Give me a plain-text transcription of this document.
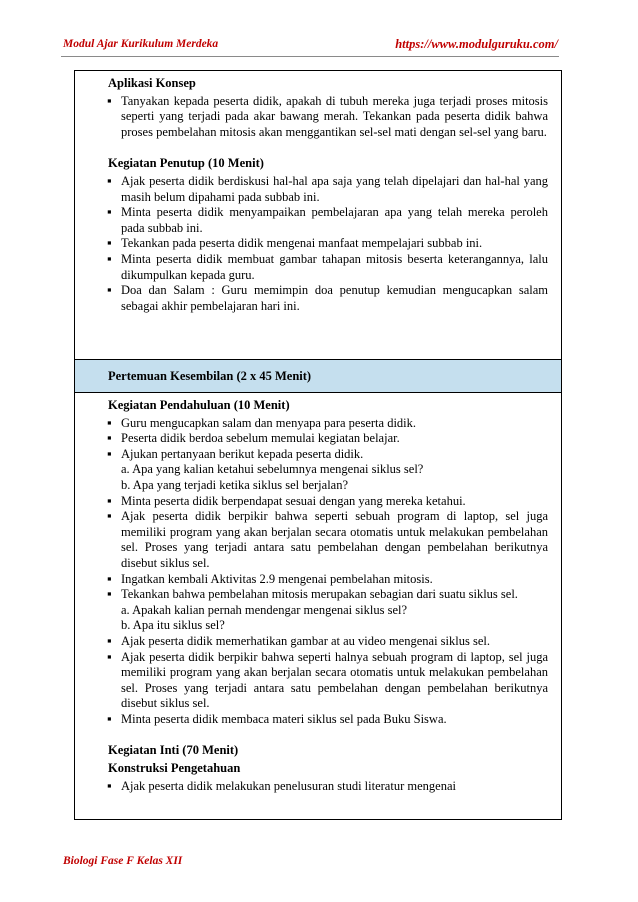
Modul Ajar Kurikulum Merdeka	https://www.modulguruku.com/
Aplikasi Konsep
▪ Tanyakan kepada peserta didik, apakah di tubuh mereka juga terjadi proses mitosis seperti yang terjadi pada akar bawang merah. Tekankan pada peserta didik bahwa proses pembelahan mitosis akan menggantikan sel-sel mati dengan sel-sel yang baru.
Kegiatan Penutup (10 Menit)
▪ Ajak peserta didik berdiskusi hal-hal apa saja yang telah dipelajari dan hal-hal yang masih belum dipahami pada subbab ini.
▪ Minta peserta didik menyampaikan pembelajaran apa yang telah mereka peroleh pada subbab ini.
▪ Tekankan pada peserta didik mengenai manfaat mempelajari subbab ini.
▪ Minta peserta didik membuat gambar tahapan mitosis beserta keterangannya, lalu dikumpulkan kepada guru.
▪ Doa dan Salam : Guru memimpin doa penutup kemudian mengucapkan salam sebagai akhir pembelajaran hari ini.
Pertemuan Kesembilan (2 x 45 Menit)
Kegiatan Pendahuluan (10 Menit)
▪ Guru mengucapkan salam dan menyapa para peserta didik.
▪ Peserta didik berdoa sebelum memulai kegiatan belajar.
▪ Ajukan pertanyaan berikut kepada peserta didik.
a. Apa yang kalian ketahui sebelumnya mengenai siklus sel?
b. Apa yang terjadi ketika siklus sel berjalan?
▪ Minta peserta didik berpendapat sesuai dengan yang mereka ketahui.
▪ Ajak peserta didik berpikir bahwa seperti sebuah program di laptop, sel juga memiliki program yang akan berjalan secara otomatis untuk melakukan pembelahan sel. Proses yang terjadi antara satu pembelahan dengan pembelahan berikutnya disebut siklus sel.
▪ Ingatkan kembali Aktivitas 2.9 mengenai pembelahan mitosis.
▪ Tekankan bahwa pembelahan mitosis merupakan sebagian dari suatu siklus sel.
a. Apakah kalian pernah mendengar mengenai siklus sel?
b. Apa itu siklus sel?
▪ Ajak peserta didik memerhatikan gambar at au video mengenai siklus sel.
▪ Ajak peserta didik berpikir bahwa seperti halnya sebuah program di laptop, sel juga memiliki program yang akan berjalan secara otomatis untuk melakukan pembelahan sel. Proses yang terjadi antara satu pembelahan dengan pembelahan berikutnya disebut siklus sel.
▪ Minta peserta didik membaca materi siklus sel pada Buku Siswa.
Kegiatan Inti (70 Menit)
Konstruksi Pengetahuan
▪ Ajak peserta didik melakukan penelusuran studi literatur mengenai
Biologi Fase F Kelas XII
